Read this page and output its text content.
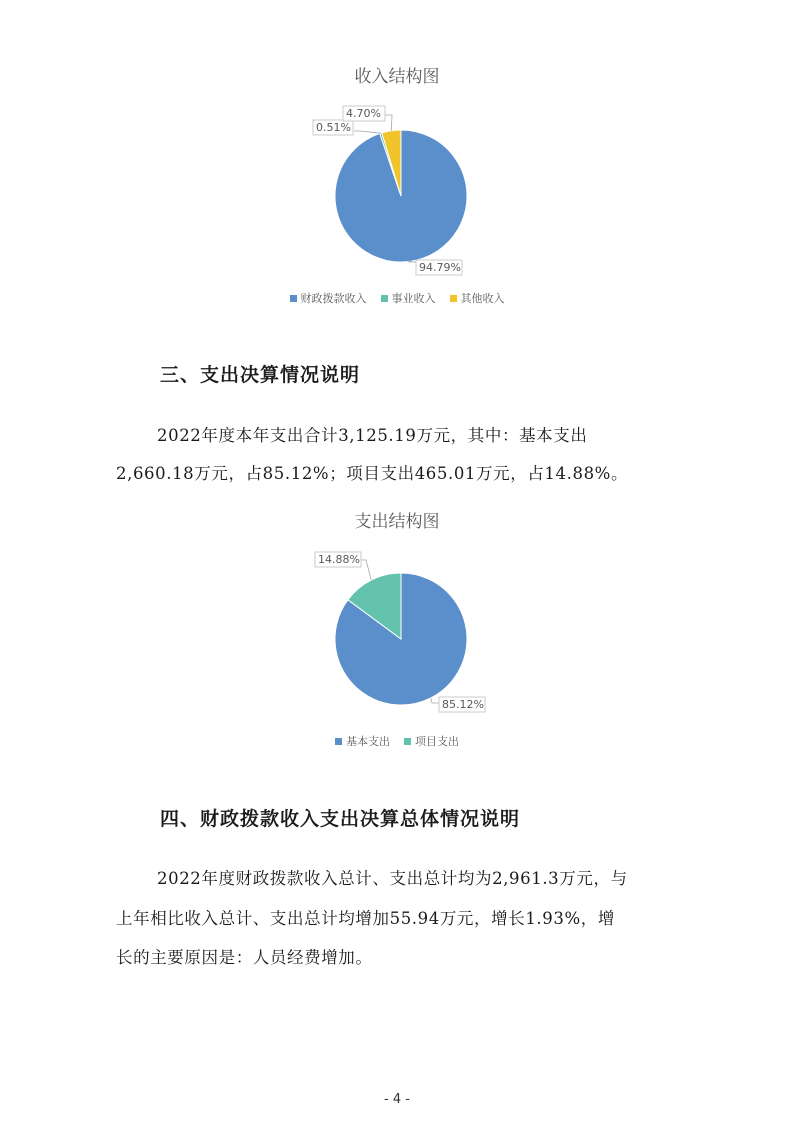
收入结构图
94.79%
0.51%
4.70%
财政拨款收入 事业收入 其他收入
三、支出决算情况说明
2022年度本年支出合计3,125.19万元，其中：基本支出
2,660.18万元，占85.12%；项目支出465.01万元，占14.88%。
支出结构图
85.12%
14.88%
基本支出 项目支出
四、财政拨款收入支出决算总体情况说明
2022年度财政拨款收入总计、支出总计均为2,961.3万元，与
上年相比收入总计、支出总计均增加55.94万元，增长1.93%，增
长的主要原因是：人员经费增加。
- 4 -
